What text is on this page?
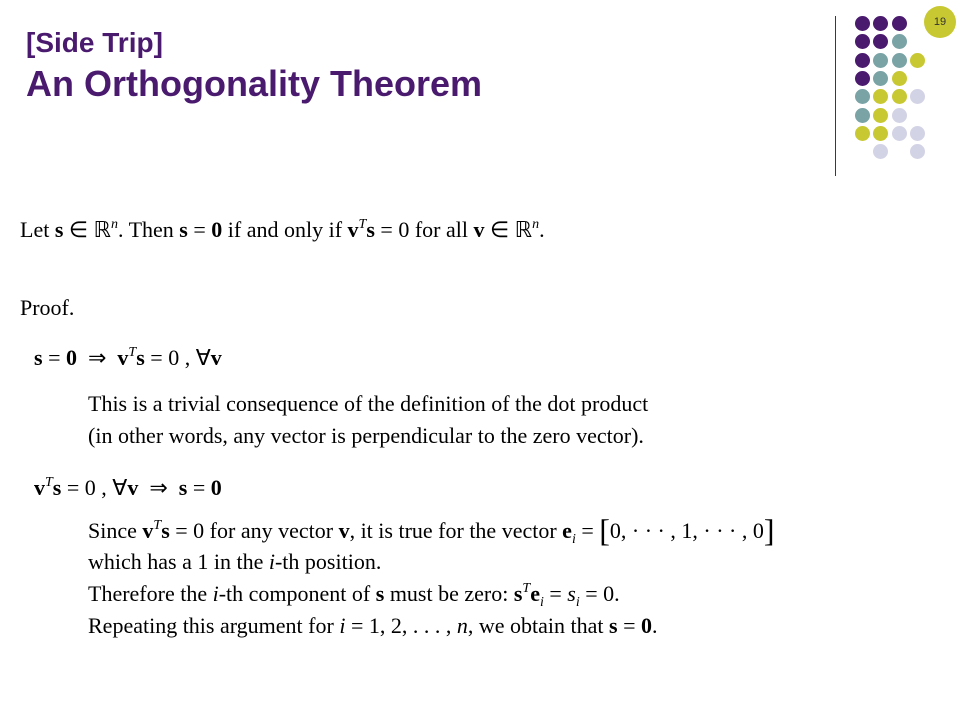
[Side Trip]
An Orthogonality Theorem
19
Let s ∈ ℝ$^n$. Then s = 0 if and only if $v^Ts = 0$ for all v ∈ ℝ$^n$.
Proof.
s = 0  ⇒  $v^Ts = 0$ , ∀v
This is a trivial consequence of the definition of the dot product
(in other words, any vector is perpendicular to the zero vector).
$v^Ts = 0$ , ∀v  ⇒  s = 0
Since $v^Ts = 0$ for any vector v, it is true for the vector $e_i = [0$, · · · , 1, · · · , 0]
which has a 1 in the i-th position.
Therefore the i-th component of s must be zero: $s^Te_i = s_i = 0$.
Repeating this argument for i = 1, 2, . . . , n, we obtain that s = 0.
